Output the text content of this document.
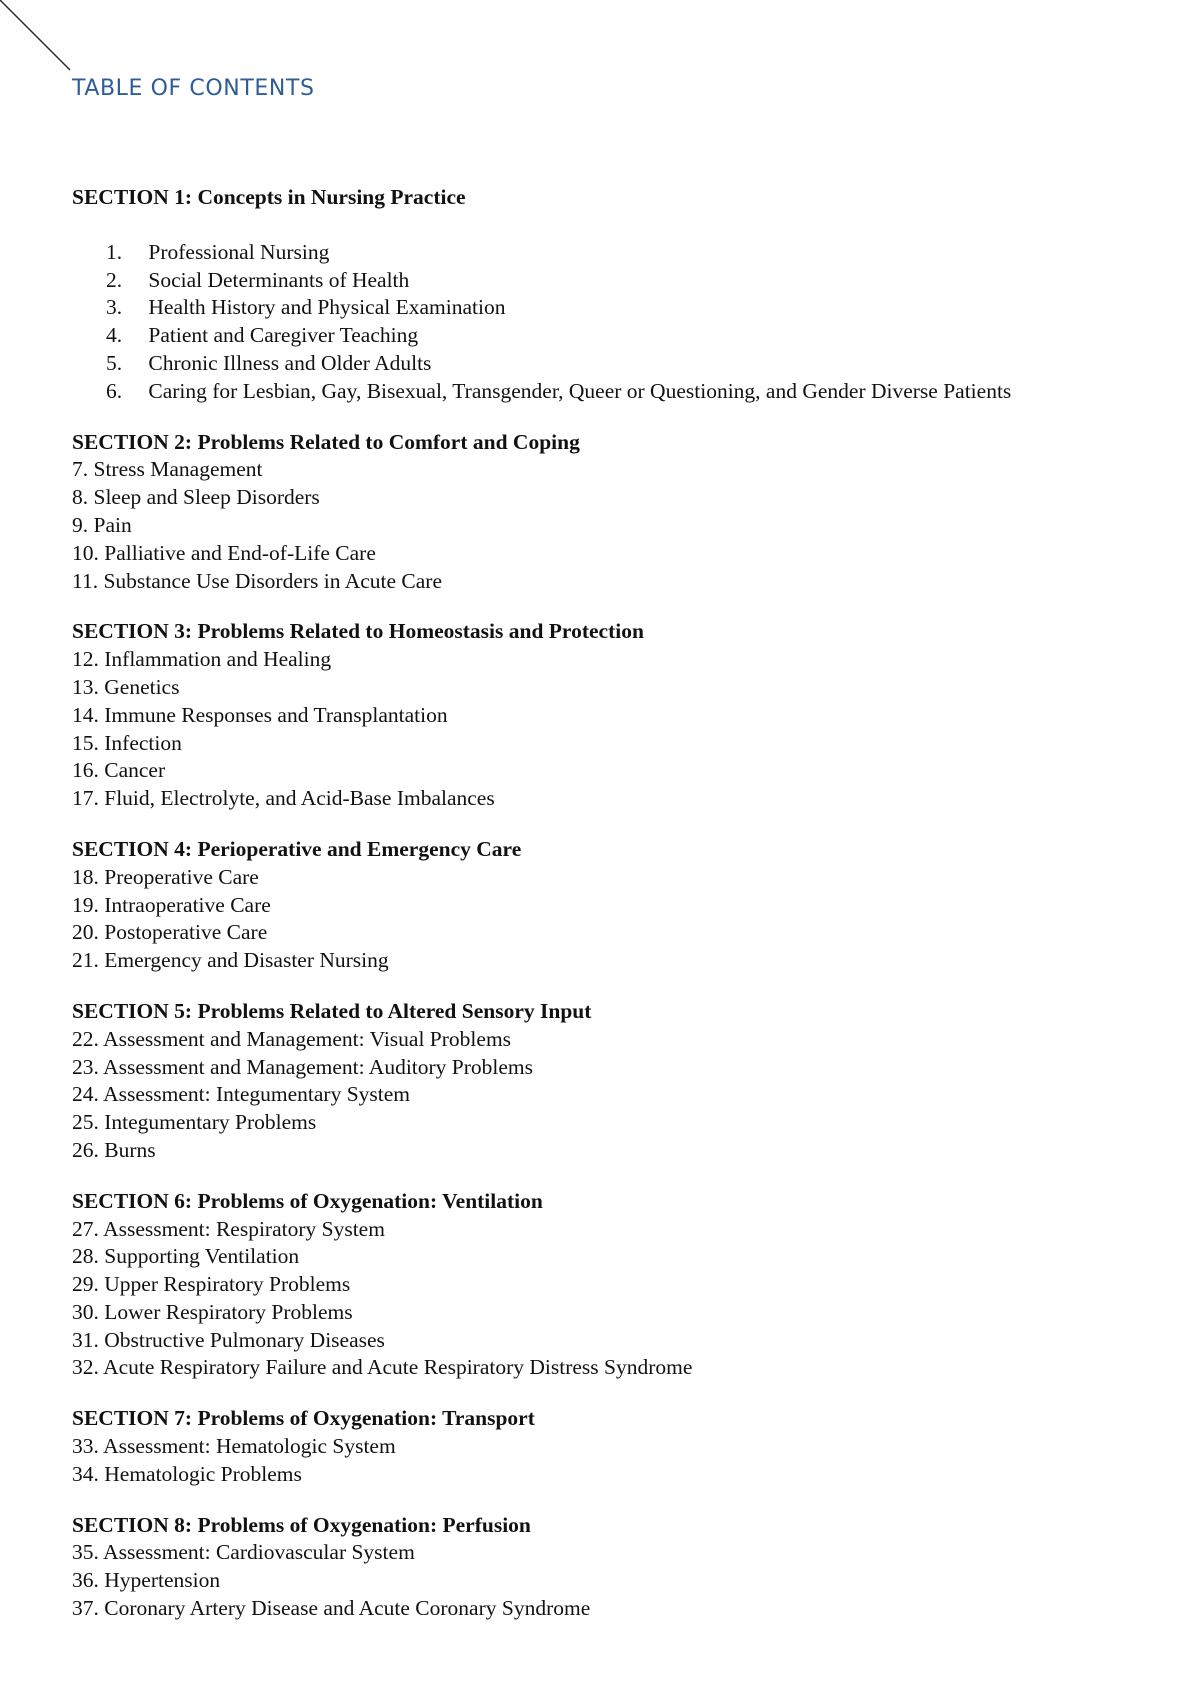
TABLE OF CONTENTS
SECTION 1: Concepts in Nursing Practice
1. Professional Nursing
2. Social Determinants of Health
3. Health History and Physical Examination
4. Patient and Caregiver Teaching
5. Chronic Illness and Older Adults
6. Caring for Lesbian, Gay, Bisexual, Transgender, Queer or Questioning, and Gender Diverse Patients
SECTION 2: Problems Related to Comfort and Coping
7. Stress Management
8. Sleep and Sleep Disorders
9. Pain
10. Palliative and End-of-Life Care
11. Substance Use Disorders in Acute Care
SECTION 3: Problems Related to Homeostasis and Protection
12. Inflammation and Healing
13. Genetics
14. Immune Responses and Transplantation
15. Infection
16. Cancer
17. Fluid, Electrolyte, and Acid-Base Imbalances
SECTION 4: Perioperative and Emergency Care
18. Preoperative Care
19. Intraoperative Care
20. Postoperative Care
21. Emergency and Disaster Nursing
SECTION 5: Problems Related to Altered Sensory Input
22. Assessment and Management: Visual Problems
23. Assessment and Management: Auditory Problems
24. Assessment: Integumentary System
25. Integumentary Problems
26. Burns
SECTION 6: Problems of Oxygenation: Ventilation
27. Assessment: Respiratory System
28. Supporting Ventilation
29. Upper Respiratory Problems
30. Lower Respiratory Problems
31. Obstructive Pulmonary Diseases
32. Acute Respiratory Failure and Acute Respiratory Distress Syndrome
SECTION 7: Problems of Oxygenation: Transport
33. Assessment: Hematologic System
34. Hematologic Problems
SECTION 8: Problems of Oxygenation: Perfusion
35. Assessment: Cardiovascular System
36. Hypertension
37. Coronary Artery Disease and Acute Coronary Syndrome
